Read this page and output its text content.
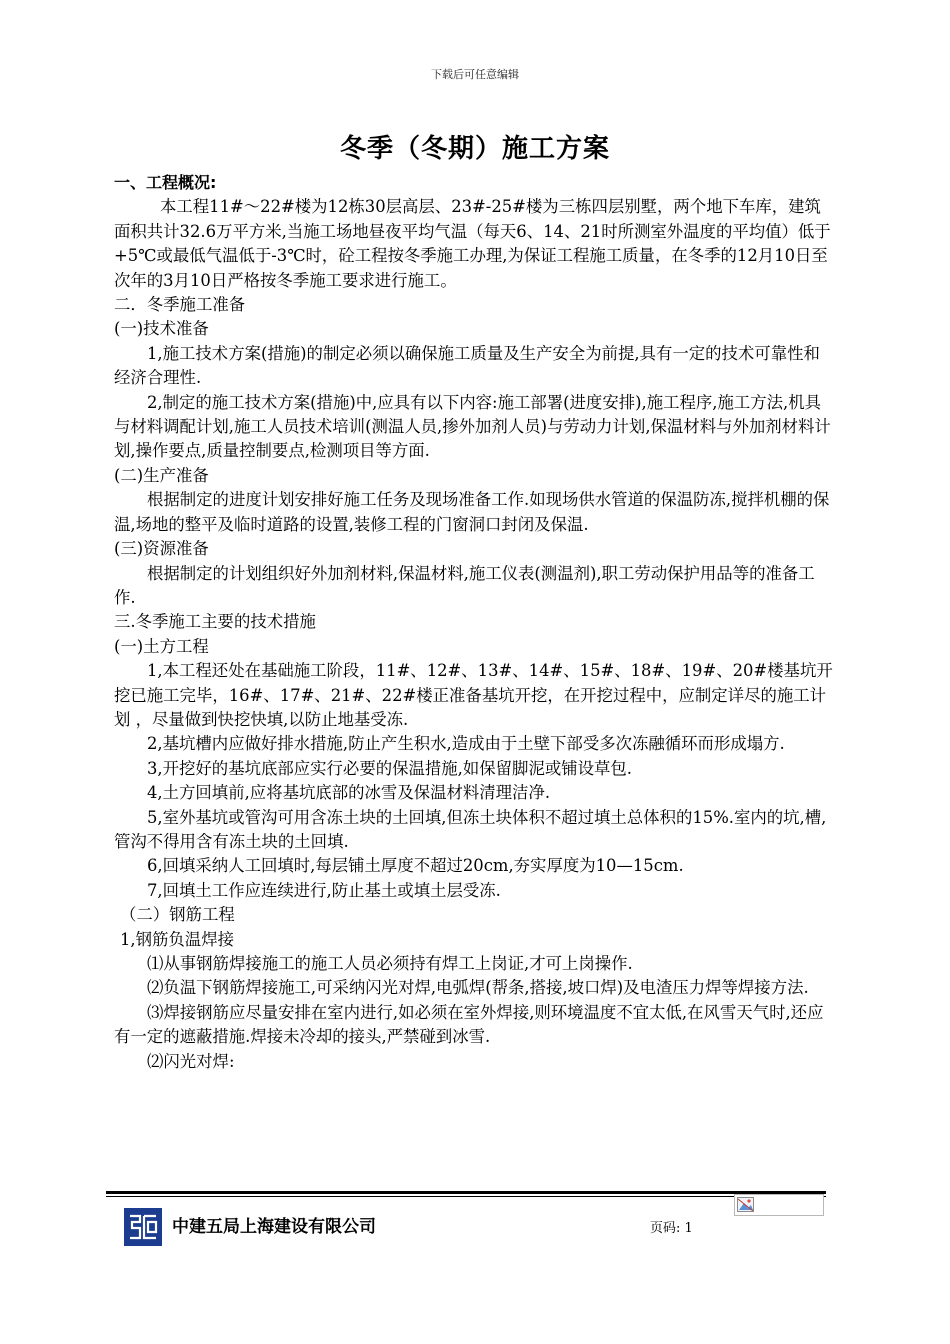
下载后可任意编辑
冬季（冬期）施工方案

一、工程概况:

本工程11#～22#楼为12栋30层高层、23#-25#楼为三栋四层别墅，两个地下车库，建筑面积共计32.6万平方米,当施工场地昼夜平均气温（每天6、14、21时所测室外温度的平均值）低于+5℃或最低气温低于-3℃时，砼工程按冬季施工办理,为保证工程施工质量，在冬季的12月10日至次年的3月10日严格按冬季施工要求进行施工。

二．冬季施工准备

(一)技术准备

1,施工技术方案(措施)的制定必须以确保施工质量及生产安全为前提,具有一定的技术可靠性和经济合理性.

2,制定的施工技术方案(措施)中,应具有以下内容:施工部署(进度安排),施工程序,施工方法,机具与材料调配计划,施工人员技术培训(测温人员,掺外加剂人员)与劳动力计划,保温材料与外加剂材料计划,操作要点,质量控制要点,检测项目等方面.

(二)生产准备

根据制定的进度计划安排好施工任务及现场准备工作.如现场供水管道的保温防冻,搅拌机棚的保温,场地的整平及临时道路的设置,装修工程的门窗洞口封闭及保温.

(三)资源准备

根据制定的计划组织好外加剂材料,保温材料,施工仪表(测温剂),职工劳动保护用品等的准备工作.

三.冬季施工主要的技术措施

(一)土方工程

1,本工程还处在基础施工阶段，11#、12#、13#、14#、15#、18#、19#、20#楼基坑开挖已施工完毕，16#、17#、21#、22#楼正准备基坑开挖，在开挖过程中，应制定详尽的施工计划 ，尽量做到快挖快填,以防止地基受冻.

2,基坑槽内应做好排水措施,防止产生积水,造成由于土壁下部受多次冻融循环而形成塌方.

3,开挖好的基坑底部应实行必要的保温措施,如保留脚泥或铺设草包.

4,土方回填前,应将基坑底部的冰雪及保温材料清理洁净.

5,室外基坑或管沟可用含冻土块的土回填,但冻土块体积不超过填土总体积的15%.室内的坑,槽,管沟不得用含有冻土块的土回填.

6,回填采纳人工回填时,每层铺土厚度不超过20cm,夯实厚度为10—15cm.

7,回填土工作应连续进行,防止基土或填土层受冻.

（二）钢筋工程

1,钢筋负温焊接

⑴从事钢筋焊接施工的施工人员必须持有焊工上岗证,才可上岗操作.

⑵负温下钢筋焊接施工,可采纳闪光对焊,电弧焊(帮条,搭接,坡口焊)及电渣压力焊等焊接方法.

⑶焊接钢筋应尽量安排在室内进行,如必须在室外焊接,则环境温度不宜太低,在风雪天气时,还应有一定的遮蔽措施.焊接未冷却的接头,严禁碰到冰雪.

⑵闪光对焊:

中建五局上海建设有限公司	页码: 1
